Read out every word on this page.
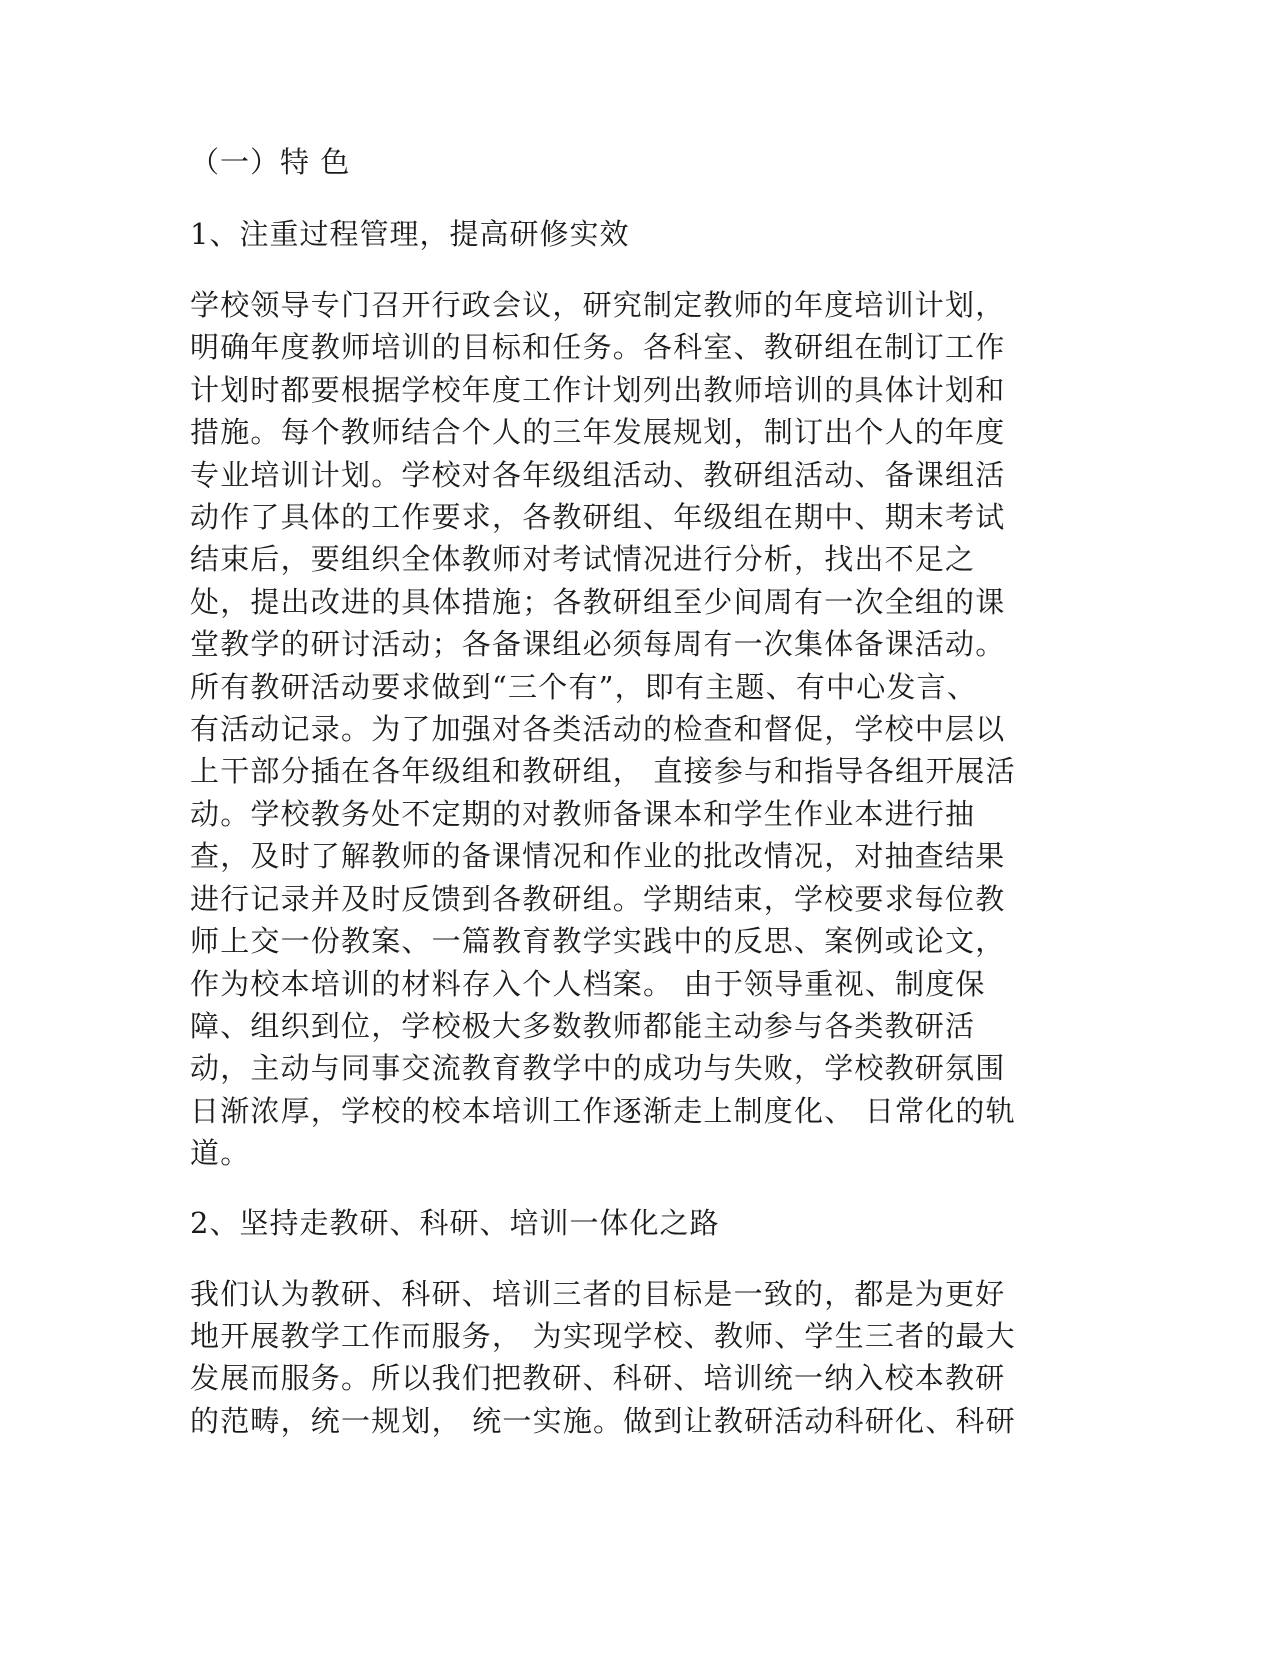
（一）特 色
1、注重过程管理，提高研修实效
学校领导专门召开行政会议，研究制定教师的年度培训计划，
明确年度教师培训的目标和任务。各科室、教研组在制订工作
计划时都要根据学校年度工作计划列出教师培训的具体计划和
措施。每个教师结合个人的三年发展规划，制订出个人的年度
专业培训计划。学校对各年级组活动、教研组活动、备课组活
动作了具体的工作要求，各教研组、年级组在期中、期末考试
结束后，要组织全体教师对考试情况进行分析，找出不足之
处，提出改进的具体措施；各教研组至少间周有一次全组的课
堂教学的研讨活动；各备课组必须每周有一次集体备课活动。
所有教研活动要求做到“三个有”，即有主题、有中心发言、
有活动记录。为了加强对各类活动的检查和督促，学校中层以
上干部分插在各年级组和教研组， 直接参与和指导各组开展活
动。学校教务处不定期的对教师备课本和学生作业本进行抽
查，及时了解教师的备课情况和作业的批改情况，对抽查结果
进行记录并及时反馈到各教研组。学期结束，学校要求每位教
师上交一份教案、一篇教育教学实践中的反思、案例或论文，
作为校本培训的材料存入个人档案。 由于领导重视、制度保
障、组织到位，学校极大多数教师都能主动参与各类教研活
动，主动与同事交流教育教学中的成功与失败，学校教研氛围
日渐浓厚，学校的校本培训工作逐渐走上制度化、 日常化的轨
道。
2、坚持走教研、科研、培训一体化之路
我们认为教研、科研、培训三者的目标是一致的，都是为更好
地开展教学工作而服务， 为实现学校、教师、学生三者的最大
发展而服务。所以我们把教研、科研、培训统一纳入校本教研
的范畴，统一规划， 统一实施。做到让教研活动科研化、科研
